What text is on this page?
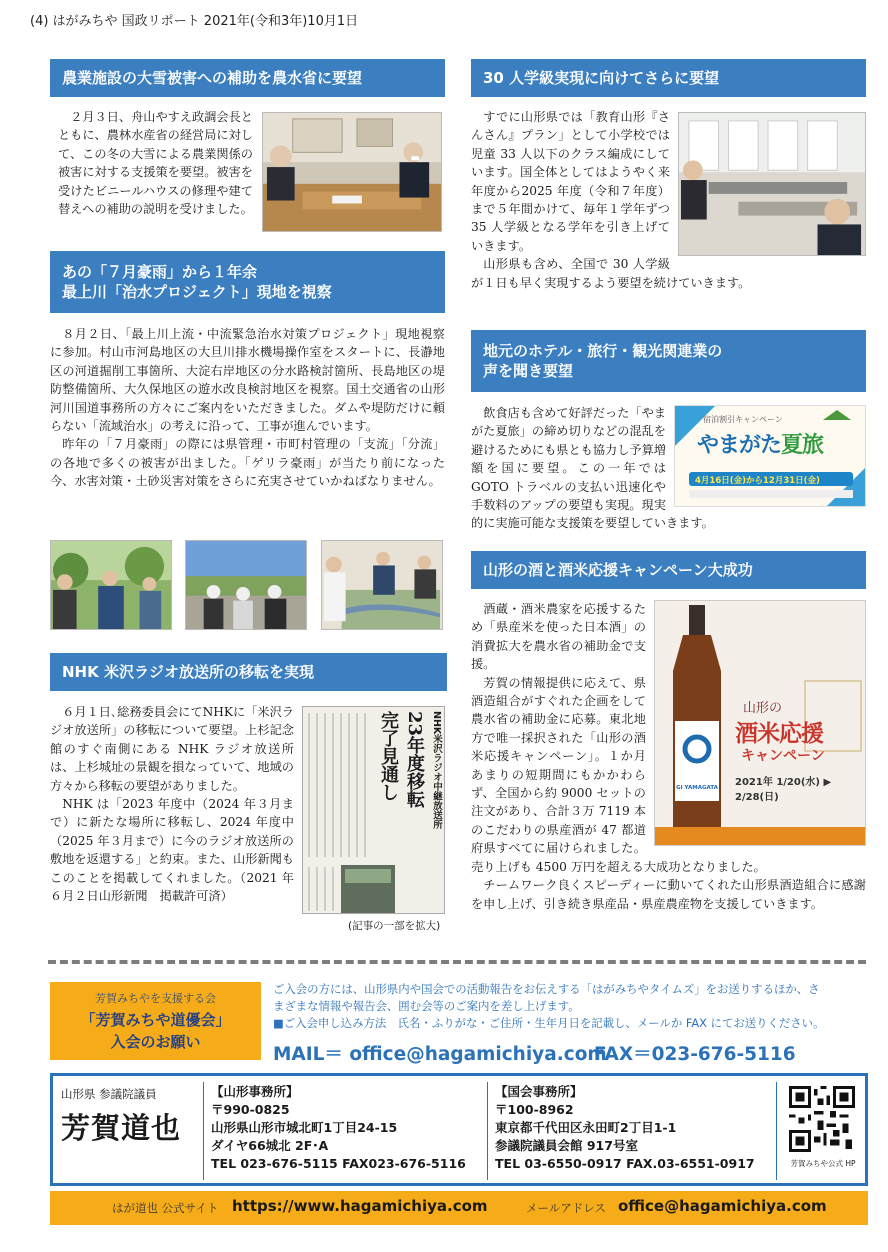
(4) はがみちや 国政リポート 2021年(令和3年)10月1日
農業施設の大雪被害への補助を農水省に要望

２月３日、舟山やすえ政調会長とともに、農林水産省の経営局に対して、この冬の大雪による農業関係の被害に対する支援策を要望。被害を受けたビニールハウスの修理や建て替えへの補助の説明を受けました。

あの「７月豪雨」から１年余
最上川「治水プロジェクト」現地を視察

８月２日、「最上川上流・中流緊急治水対策プロジェクト」現地視察に参加。村山市河島地区の大旦川排水機場操作室をスタートに、長瀞地区の河道掘削工事箇所、大淀右岸地区の分水路検討箇所、長島地区の堤防整備箇所、大久保地区の遊水改良検討地区を視察。国土交通省の山形河川国道事務所の方々にご案内をいただきました。ダムや堤防だけに頼らない「流域治水」の考えに沿って、工事が進んでいます。

昨年の「７月豪雨」の際には県管理・市町村管理の「支流」「分流」の各地で多くの被害が出ました。「ゲリラ豪雨」が当たり前になった今、水害対策・土砂災害対策をさらに充実させていかねばなりません。

NHK 米沢ラジオ放送所の移転を実現

６月１日､総務委員会にてNHKに「米沢ラジオ放送所」の移転について要望。上杉記念館のすぐ南側にある NHK ラジオ放送所は、上杉城址の景観を損なっていて、地域の方々から移転の要望がありました。

NHK は「2023 年度中（2024 年３月まで）に新たな場所に移転し、2024 年度中（2025 年３月まで）に今のラジオ放送所の敷地を返還する」と約束。また、山形新聞もこのことを掲載してくれました。（2021 年６月２日山形新聞　掲載許可済）

NHK米沢ラジオ中継放送所
23年度移転
完了見通し
(記事の一部を拡大)
30 人学級実現に向けてさらに要望

すでに山形県では「教育山形『さんさん』プラン」として小学校では児童 33 人以下のクラス編成にしています。国全体としてはようやく来年度から2025 年度（令和７年度）まで５年間かけて、毎年１学年ずつ 35 人学級となる学年を引き上げていきます。

山形県も含め、全国で 30 人学級が１日も早く実現するよう要望を続けていきます。

地元のホテル・旅行・観光関連業の
声を聞き要望

飲食店も含めて好評だった「やまがた夏旅」の締め切りなどの混乱を避けるためにも県とも協力し予算増額を国に要望。この一年では GOTO トラベルの支払い迅速化や手数料のアップの要望も実現。現実的に実施可能な支援策を要望していきます。

宿泊割引キャンペーン
やまがた夏旅
4月16日(金)から12月31日(金)
山形の酒と酒米応援キャンペーン大成功

酒蔵・酒米農家を応援するため「県産米を使った日本酒」の消費拡大を農水省の補助金で支援。

芳賀の情報提供に応えて、県酒造組合がすぐれた企画をして農水省の補助金に応募。東北地方で唯一採択された「山形の酒米応援キャンペーン」。１か月あまりの短期間にもかかわらず、全国から約 9000 セットの注文があり、合計３万 7119 本のこだわりの県産酒が 47 都道府県すべてに届けられました。売り上げも 4500 万円を超える大成功となりました。

チームワーク良くスピーディーに動いてくれた山形県酒造組合に感謝を申し上げ、引き続き県産品・県産農産物を支援していきます。

山形の
酒米応援
キャンペーン
2021年 1/20(水) ▶ 2/28(日)
GI YAMAGATA
芳賀みちやを支援する会
「芳賀みちや道優会」
入会のお願い
ご入会の方には、山形県内や国会での活動報告をお伝えする「はがみちやタイムズ」をお送りするほか、さ
まざまな情報や報告会、囲む会等のご案内を差し上げます。
■ご入会申し込み方法　氏名・ふりがな・ご住所・生年月日を記載し、メールか FAX にてお送りください。
MAIL＝ office@hagamichiya.com
FAX＝023-676-5116
山形県 参議院議員
芳賀道也
【山形事務所】
〒990-0825
山形県山形市城北町1丁目24-15
ダイヤ66城北 2F･A
TEL 023-676-5115 FAX023-676-5116
【国会事務所】
〒100-8962
東京都千代田区永田町2丁目1-1
参議院議員会館 917号室
TEL 03-6550-0917 FAX.03-6551-0917	芳賀みちや公式 HP
はが道也 公式サイト https://www.hagamichiya.com	メールアドレス office@hagamichiya.com
